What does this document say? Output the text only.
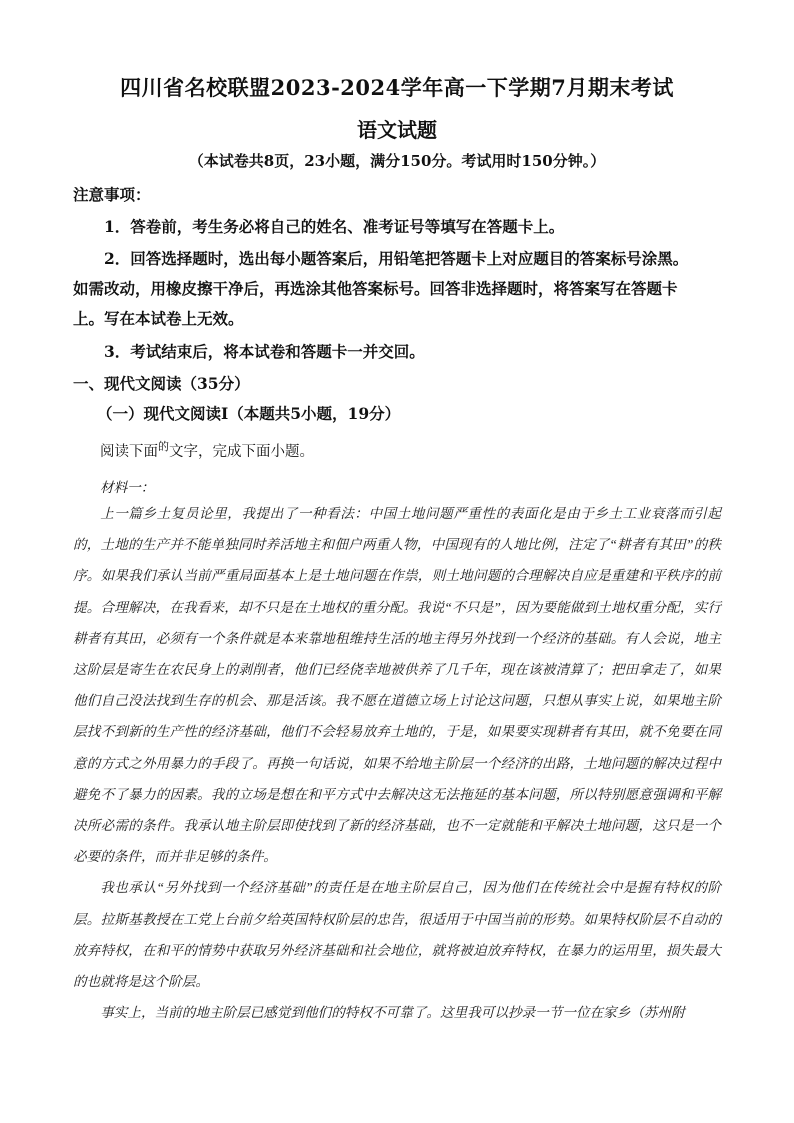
四川省名校联盟2023-2024学年高一下学期7月期末考试
语文试题
（本试卷共8页，23小题，满分150分。考试用时150分钟。）
注意事项：
1．答卷前，考生务必将自己的姓名、准考证号等填写在答题卡上。
2．回答选择题时，选出每小题答案后，用铅笔把答题卡上对应题目的答案标号涂黑。
如需改动，用橡皮擦干净后，再选涂其他答案标号。回答非选择题时，将答案写在答题卡
上。写在本试卷上无效。
3．考试结束后，将本试卷和答题卡一并交回。
一、现代文阅读（35分）
（一）现代文阅读Ⅰ（本题共5小题，19分）
阅读下面$^的$文字，完成下面小题。
材料一：

上一篇乡土复员论里，我提出了一种看法：中国土地问题严重性的表面化是由于乡土工业衰落而引起的，土地的生产并不能单独同时养活地主和佃户两重人物，中国现有的人地比例，注定了“耕者有其田”的秩序。如果我们承认当前严重局面基本上是土地问题在作祟，则土地问题的合理解决自应是重建和平秩序的前提。合理解决，在我看来，却不只是在土地权的重分配。我说“不只是”，因为要能做到土地权重分配，实行耕者有其田，必须有一个条件就是本来靠地租维持生活的地主得另外找到一个经济的基础。有人会说，地主这阶层是寄生在农民身上的剥削者，他们已经侥幸地被供养了几千年，现在该被清算了；把田拿走了，如果他们自己没法找到生存的机会、那是活该。我不愿在道德立场上讨论这问题，只想从事实上说，如果地主阶层找不到新的生产性的经济基础，他们不会轻易放弃土地的，于是，如果要实现耕者有其田，就不免要在同意的方式之外用暴力的手段了。再换一句话说，如果不给地主阶层一个经济的出路，土地问题的解决过程中避免不了暴力的因素。我的立场是想在和平方式中去解决这无法拖延的基本问题，所以特别愿意强调和平解决所必需的条件。我承认地主阶层即使找到了新的经济基础，也不一定就能和平解决土地问题，这只是一个必要的条件，而并非足够的条件。

我也承认“另外找到一个经济基础”的责任是在地主阶层自己，因为他们在传统社会中是握有特权的阶层。拉斯基教授在工党上台前夕给英国特权阶层的忠告，很适用于中国当前的形势。如果特权阶层不自动的放弃特权，在和平的情势中获取另外经济基础和社会地位，就将被迫放弃特权，在暴力的运用里，损失最大的也就将是这个阶层。

事实上，当前的地主阶层已感觉到他们的特权不可靠了。这里我可以抄录一节一位在家乡（苏州附
